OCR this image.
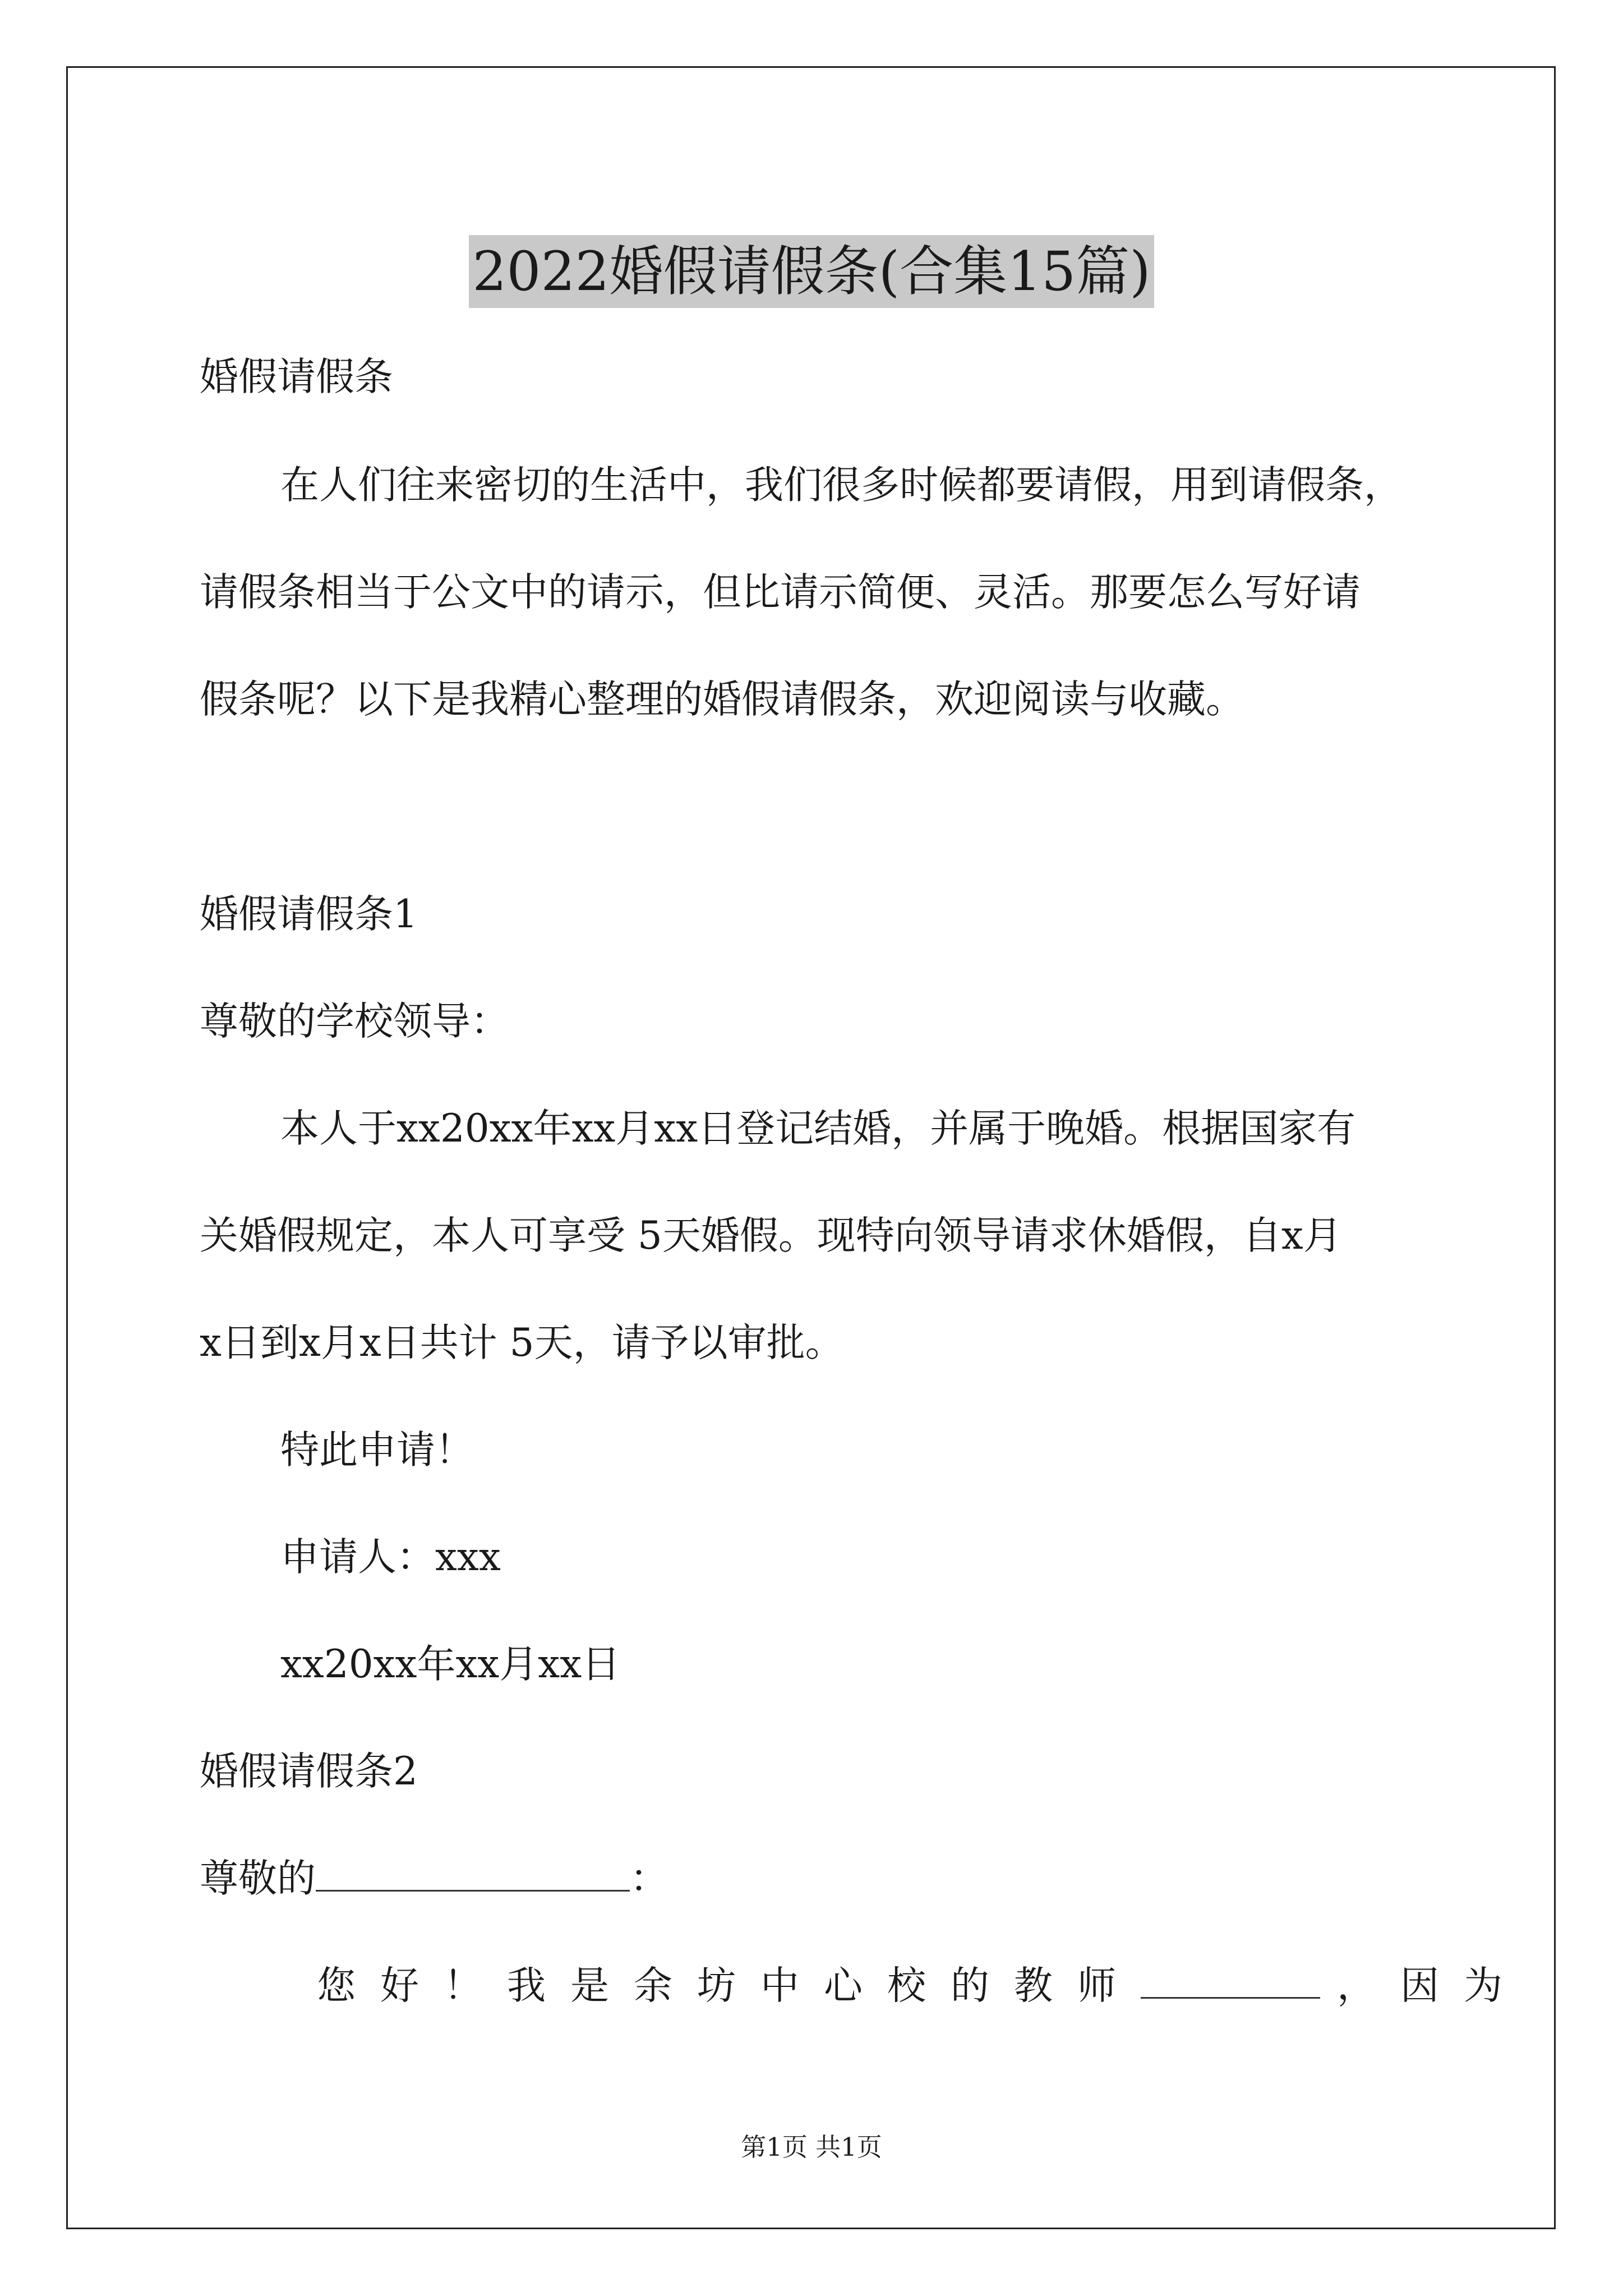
2022婚假请假条(合集15篇)
婚假请假条
在人们往来密切的生活中，我们很多时候都要请假，用到请假条，
请假条相当于公文中的请示，但比请示简便、灵活。那要怎么写好请
假条呢？以下是我精心整理的婚假请假条，欢迎阅读与收藏。
婚假请假条1
尊敬的学校领导：
本人于xx20xx年xx月xx日登记结婚，并属于晚婚。根据国家有
关婚假规定，本人可享受 5天婚假。现特向领导请求休婚假，自x月
x日到x月x日共计 5天，请予以审批。
特此申请！
申请人：xxx
xx20xx年xx月xx日
婚假请假条2
尊敬的	：
您好！我是余坊中心校的教师	，因为
第1页 共1页
